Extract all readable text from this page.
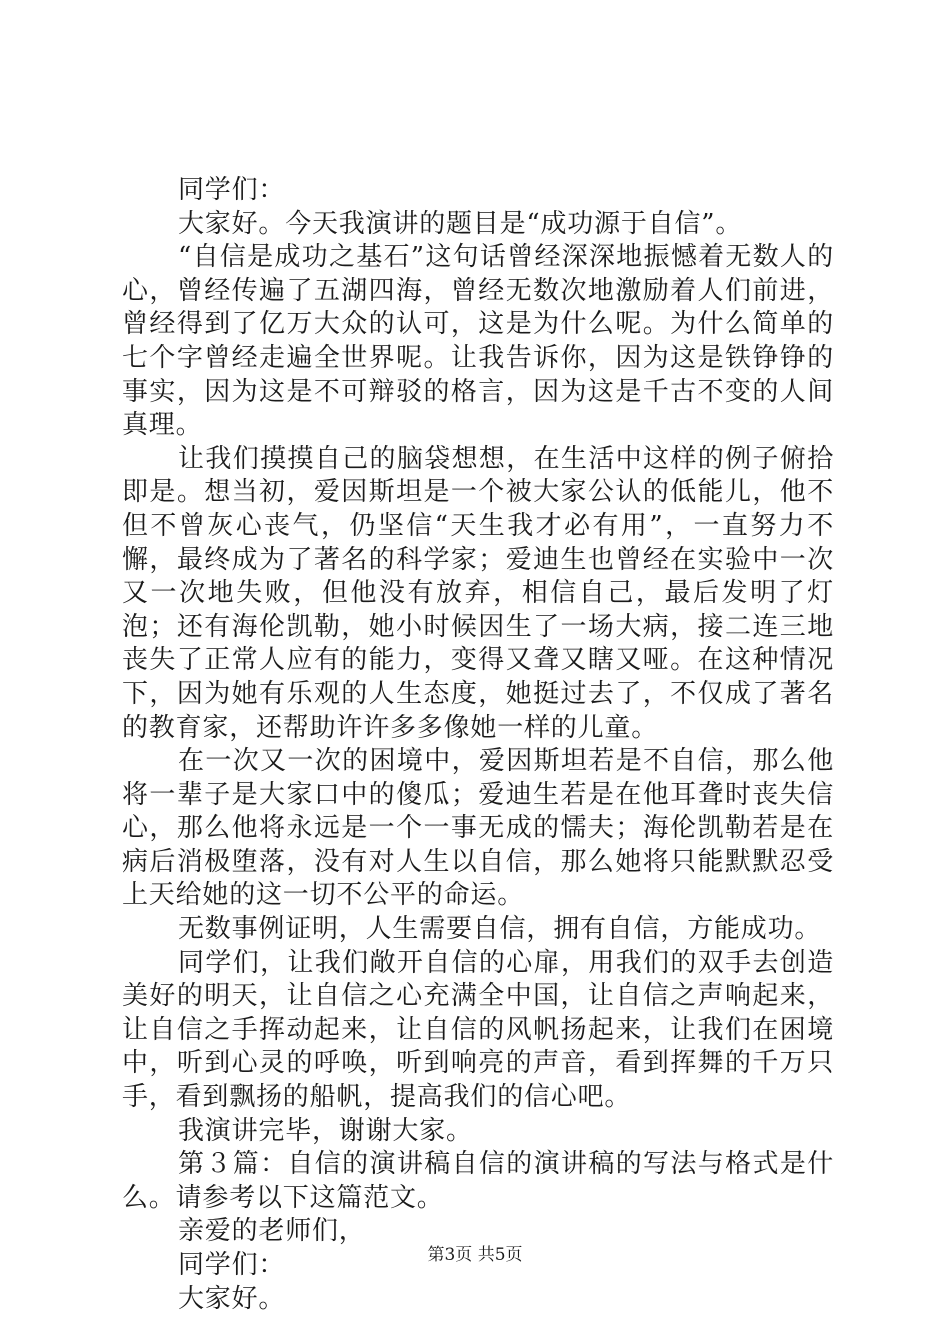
同学们：

大家好。今天我演讲的题目是“成功源于自信”。

“自信是成功之基石”这句话曾经深深地振憾着无数人的心，曾经传遍了五湖四海，曾经无数次地激励着人们前进，曾经得到了亿万大众的认可，这是为什么呢。为什么简单的七个字曾经走遍全世界呢。让我告诉你，因为这是铁铮铮的事实，因为这是不可辩驳的格言，因为这是千古不变的人间真理。

让我们摸摸自己的脑袋想想，在生活中这样的例子俯拾即是。想当初，爱因斯坦是一个被大家公认的低能儿，他不但不曾灰心丧气，仍坚信“天生我才必有用”，一直努力不懈，最终成为了著名的科学家；爱迪生也曾经在实验中一次又一次地失败，但他没有放弃，相信自己，最后发明了灯泡；还有海伦凯勒，她小时候因生了一场大病，接二连三地丧失了正常人应有的能力，变得又聋又瞎又哑。在这种情况下，因为她有乐观的人生态度，她挺过去了，不仅成了著名的教育家，还帮助许许多多像她一样的儿童。

在一次又一次的困境中，爱因斯坦若是不自信，那么他将一辈子是大家口中的傻瓜；爱迪生若是在他耳聋时丧失信心，那么他将永远是一个一事无成的懦夫；海伦凯勒若是在病后消极堕落，没有对人生以自信，那么她将只能默默忍受上天给她的这一切不公平的命运。

无数事例证明，人生需要自信，拥有自信，方能成功。

同学们，让我们敞开自信的心扉，用我们的双手去创造美好的明天，让自信之心充满全中国，让自信之声响起来，让自信之手挥动起来，让自信的风帆扬起来，让我们在困境中，听到心灵的呼唤，听到响亮的声音，看到挥舞的千万只手，看到飘扬的船帆，提高我们的信心吧。

我演讲完毕，谢谢大家。

第３篇：自信的演讲稿自信的演讲稿的写法与格式是什么。请参考以下这篇范文。

亲爱的老师们，

同学们：

大家好。

第3页 共5页
